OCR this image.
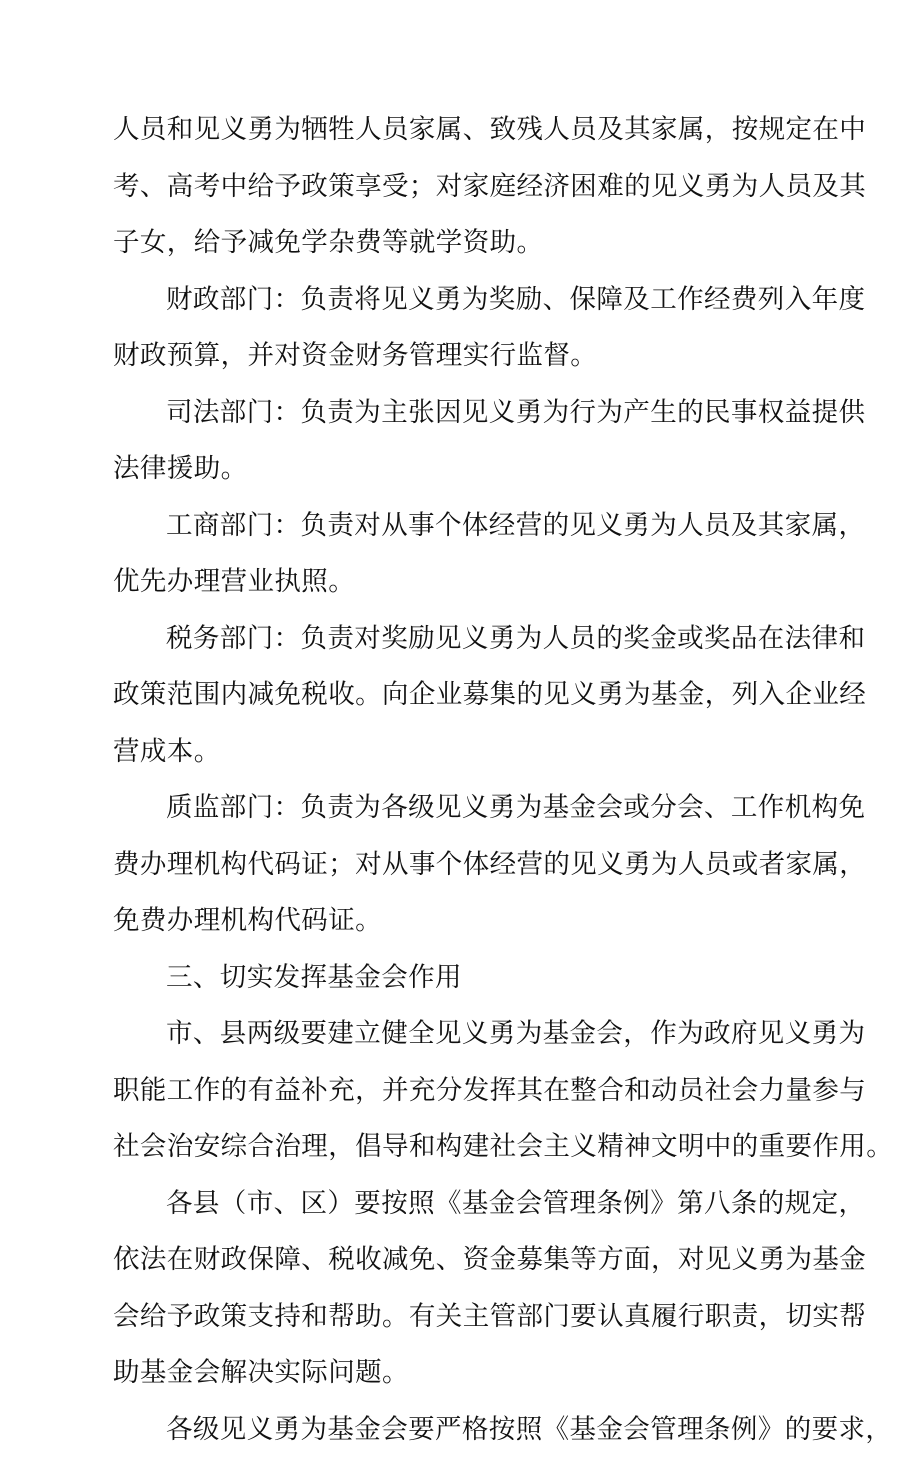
人员和见义勇为牺牲人员家属、致残人员及其家属，按规定在中
考、高考中给予政策享受；对家庭经济困难的见义勇为人员及其
子女，给予减免学杂费等就学资助。
财政部门：负责将见义勇为奖励、保障及工作经费列入年度
财政预算，并对资金财务管理实行监督。
司法部门：负责为主张因见义勇为行为产生的民事权益提供
法律援助。
工商部门：负责对从事个体经营的见义勇为人员及其家属，
优先办理营业执照。
税务部门：负责对奖励见义勇为人员的奖金或奖品在法律和
政策范围内减免税收。向企业募集的见义勇为基金，列入企业经
营成本。
质监部门：负责为各级见义勇为基金会或分会、工作机构免
费办理机构代码证；对从事个体经营的见义勇为人员或者家属，
免费办理机构代码证。
三、切实发挥基金会作用
市、县两级要建立健全见义勇为基金会，作为政府见义勇为
职能工作的有益补充，并充分发挥其在整合和动员社会力量参与
社会治安综合治理，倡导和构建社会主义精神文明中的重要作用。
各县（市、区）要按照《基金会管理条例》第八条的规定，
依法在财政保障、税收减免、资金募集等方面，对见义勇为基金
会给予政策支持和帮助。有关主管部门要认真履行职责，切实帮
助基金会解决实际问题。
各级见义勇为基金会要严格按照《基金会管理条例》的要求，
